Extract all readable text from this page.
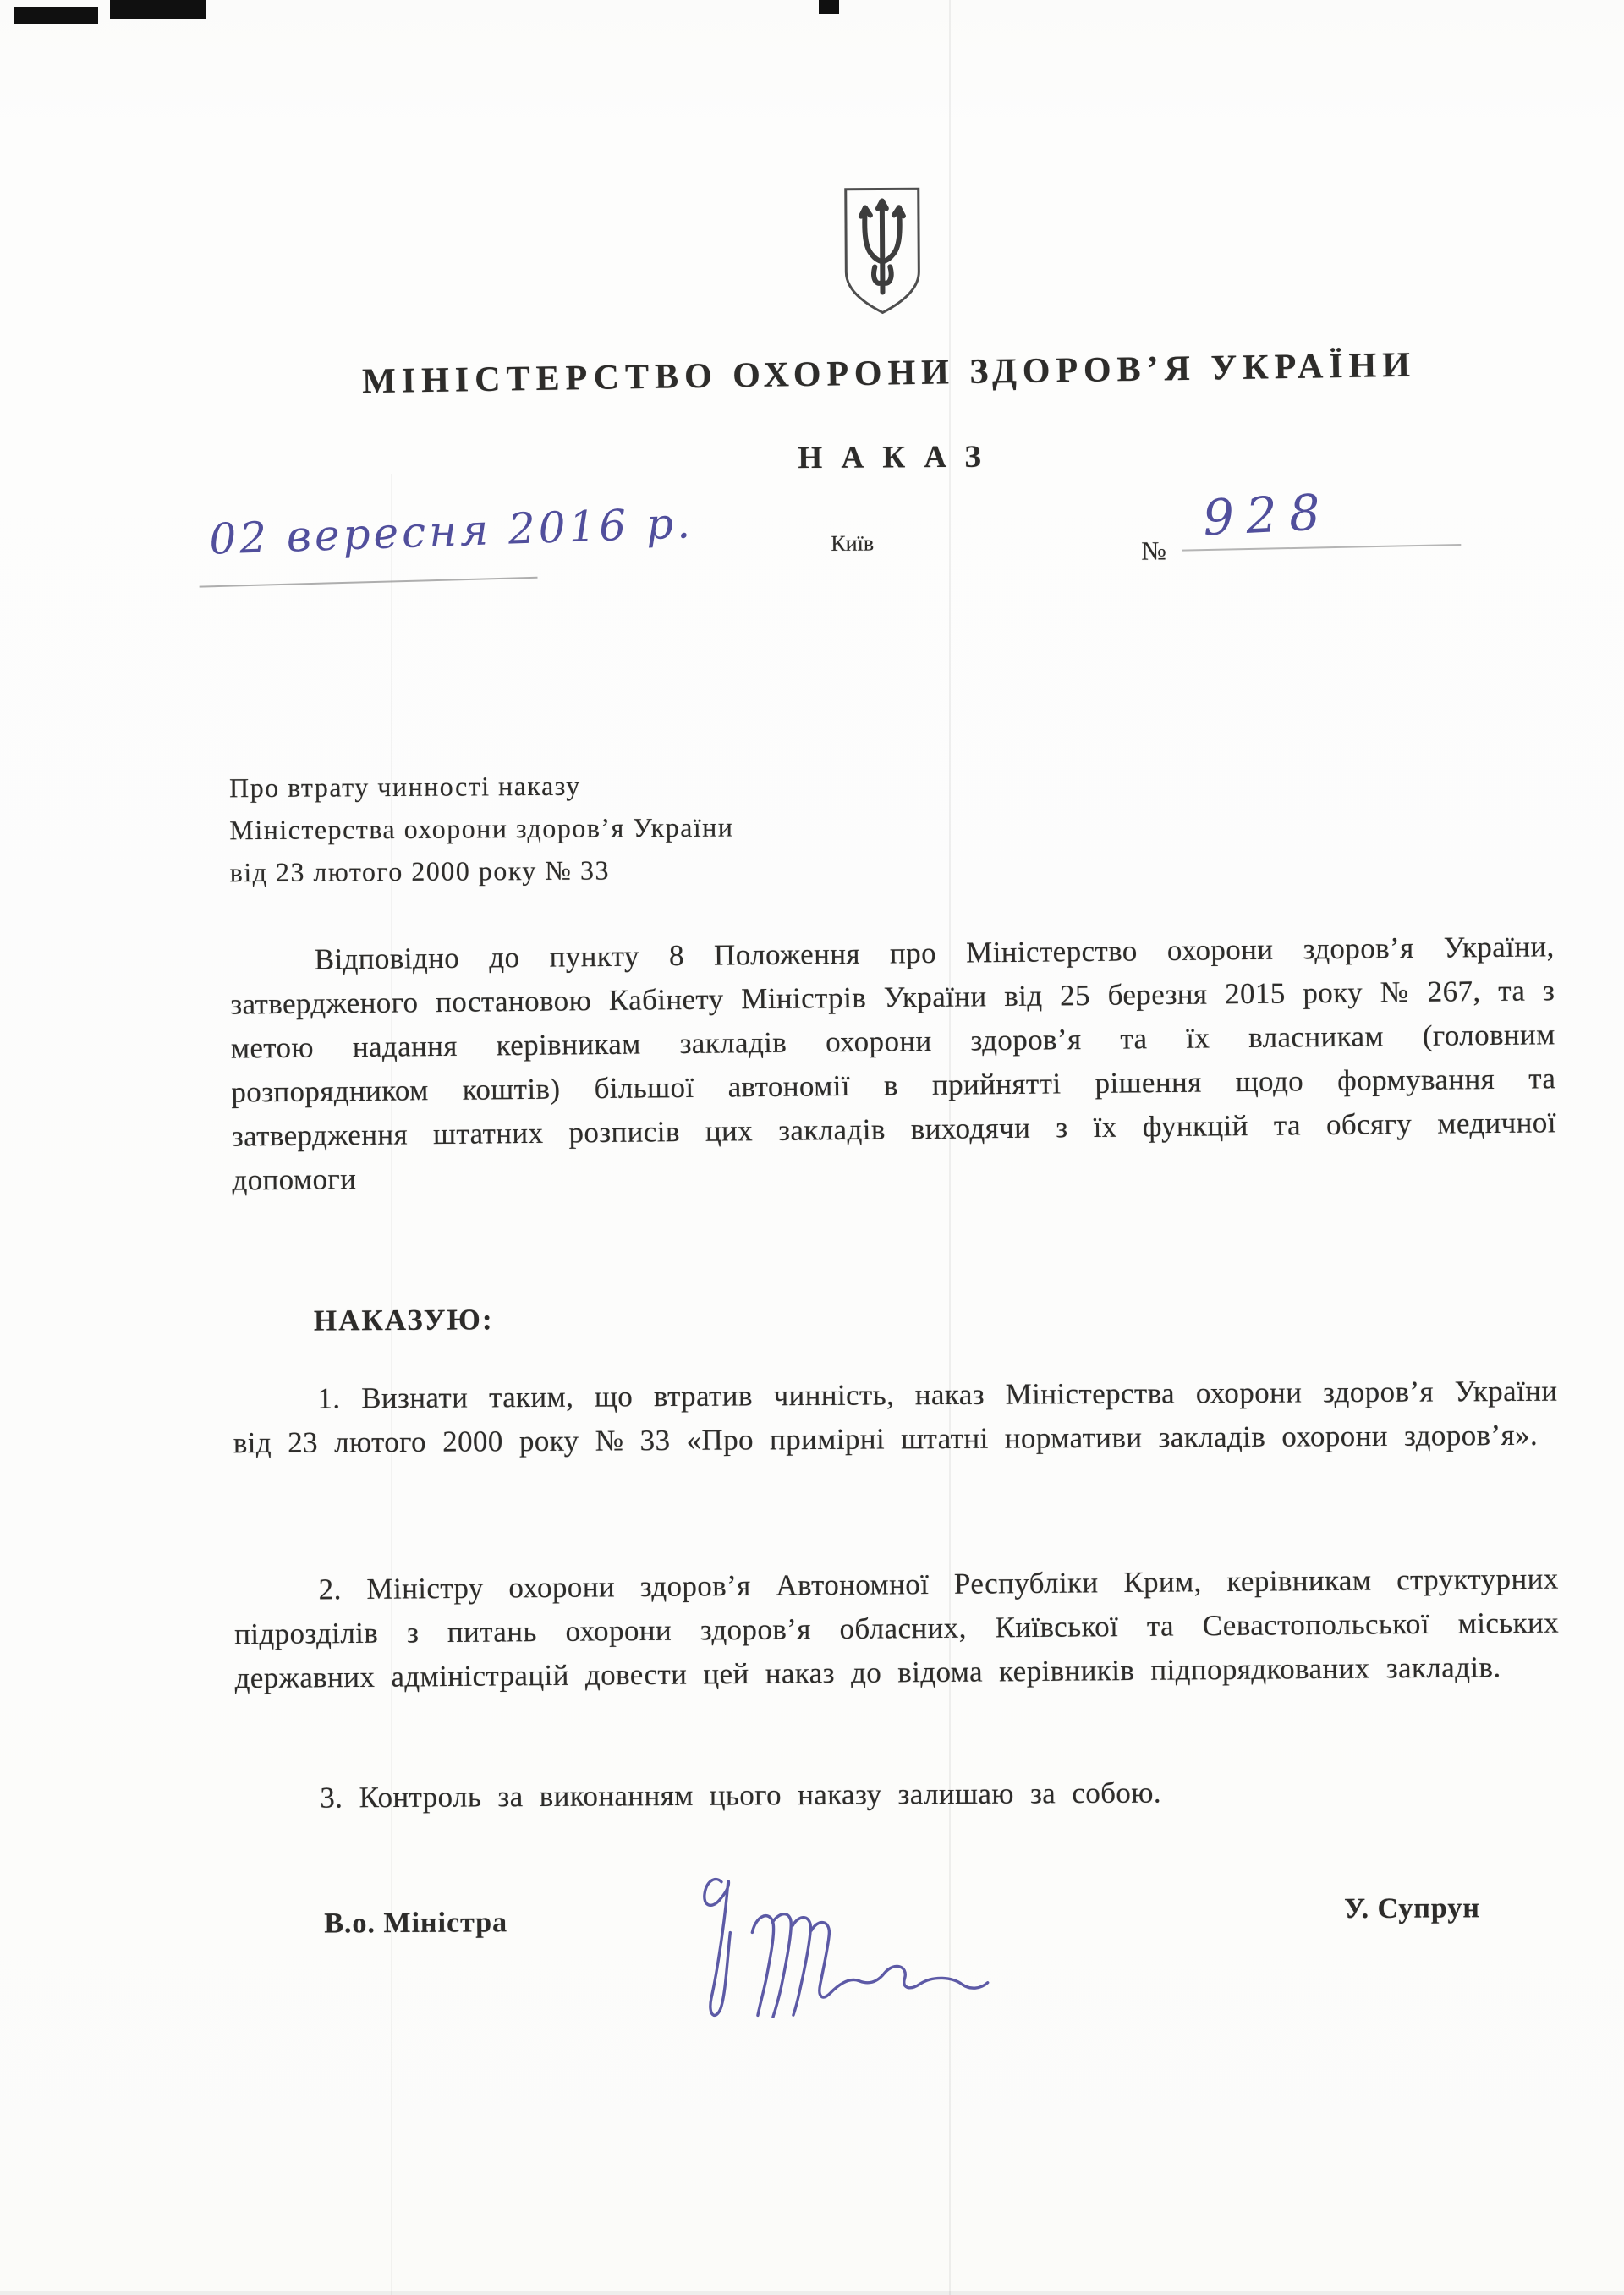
МІНІСТЕРСТВО ОХОРОНИ ЗДОРОВ’Я УКРАЇНИ
НАКАЗ
02 вересня 2016 р.	Київ	№
928
Про втрату чинності наказу
Міністерства охорони здоров’я України
від 23 лютого 2000 року № 33
Відповідно до пункту 8 Положення про Міністерство охорони здоров’я України, затвердженого постановою Кабінету Міністрів України від 25 березня 2015 року № 267, та з метою надання керівникам закладів охорони здоров’я та їх власникам (головним розпорядником коштів) більшої автономії в прийнятті рішення щодо формування та затвердження штатних розписів цих закладів виходячи з їх функцій та обсягу медичної допомоги
НАКАЗУЮ:
1. Визнати таким, що втратив чинність, наказ Міністерства охорони здоров’я України від 23 лютого 2000 року № 33 «Про примірні штатні нормативи закладів охорони здоров’я».
2. Міністру охорони здоров’я Автономної Республіки Крим, керівникам структурних підрозділів з питань охорони здоров’я обласних, Київської та Севастопольської міських державних адміністрацій довести цей наказ до відома керівників підпорядкованих закладів.
3. Контроль за виконанням цього наказу залишаю за собою.
В.о. Міністра	У. Супрун
